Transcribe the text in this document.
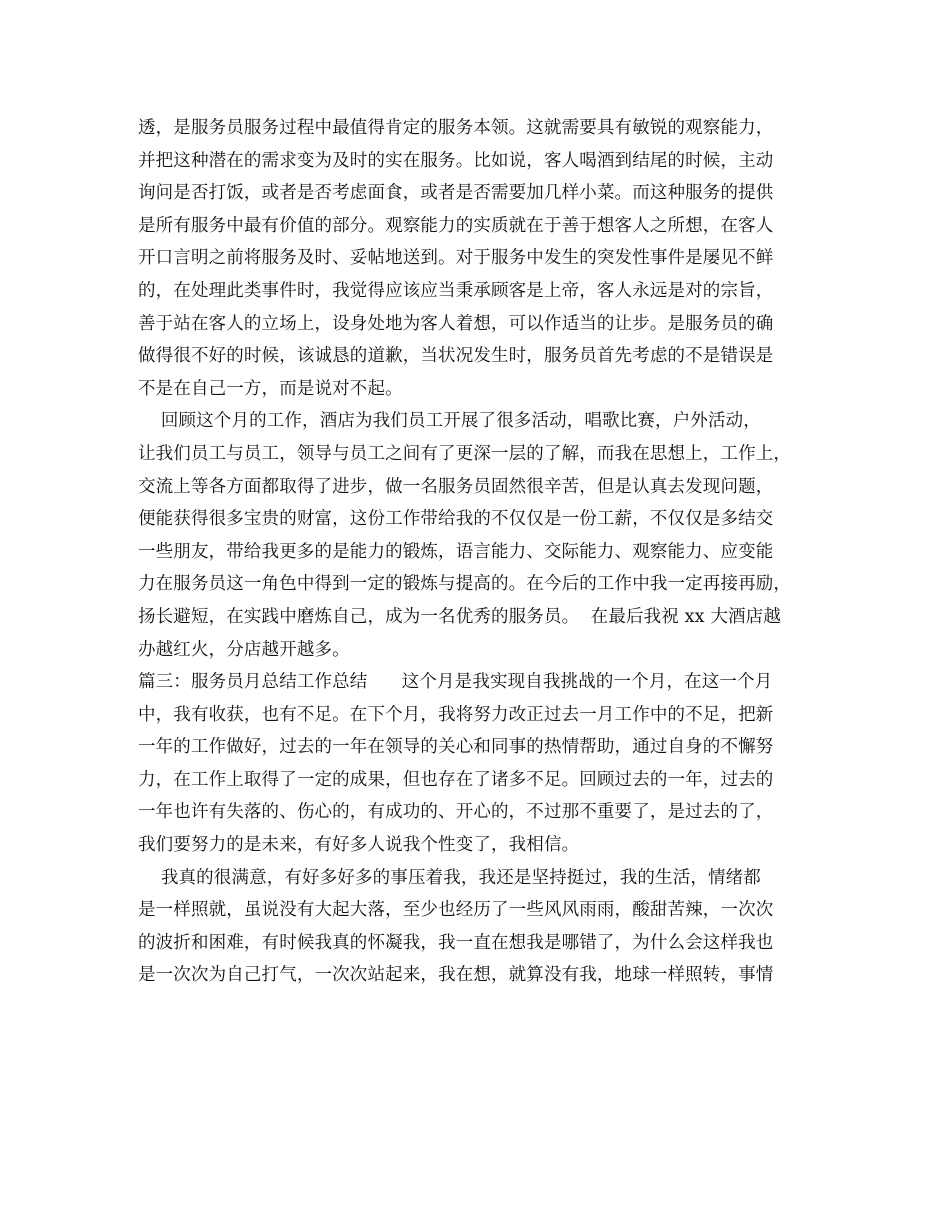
透，是服务员服务过程中最值得肯定的服务本领。这就需要具有敏锐的观察能力，
并把这种潜在的需求变为及时的实在服务。比如说，客人喝酒到结尾的时候，主动
询问是否打饭，或者是否考虑面食，或者是否需要加几样小菜。而这种服务的提供
是所有服务中最有价值的部分。观察能力的实质就在于善于想客人之所想，在客人
开口言明之前将服务及时、妥帖地送到。对于服务中发生的突发性事件是屡见不鲜
的，在处理此类事件时，我觉得应该应当秉承顾客是上帝，客人永远是对的宗旨，
善于站在客人的立场上，设身处地为客人着想，可以作适当的让步。是服务员的确
做得很不好的时候，该诚恳的道歉，当状况发生时，服务员首先考虑的不是错误是
不是在自己一方，而是说对不起。
回顾这个月的工作，酒店为我们员工开展了很多活动，唱歌比赛，户外活动，
让我们员工与员工，领导与员工之间有了更深一层的了解，而我在思想上，工作上，
交流上等各方面都取得了进步，做一名服务员固然很辛苦，但是认真去发现问题，
便能获得很多宝贵的财富，这份工作带给我的不仅仅是一份工薪，不仅仅是多结交
一些朋友，带给我更多的是能力的锻炼，语言能力、交际能力、观察能力、应变能
力在服务员这一角色中得到一定的锻炼与提高的。在今后的工作中我一定再接再励，
扬长避短，在实践中磨炼自己，成为一名优秀的服务员。  在最后我祝 xx 大酒店越
办越红火，分店越开越多。
篇三：服务员月总结工作总结      这个月是我实现自我挑战的一个月，在这一个月
中，我有收获，也有不足。在下个月，我将努力改正过去一月工作中的不足，把新
一年的工作做好，过去的一年在领导的关心和同事的热情帮助，通过自身的不懈努
力，在工作上取得了一定的成果，但也存在了诸多不足。回顾过去的一年，过去的
一年也许有失落的、伤心的，有成功的、开心的，不过那不重要了，是过去的了，
我们要努力的是未来，有好多人说我个性变了，我相信。
我真的很满意，有好多好多的事压着我，我还是坚持挺过，我的生活，情绪都
是一样照就，虽说没有大起大落，至少也经历了一些风风雨雨，酸甜苦辣，一次次
的波折和困难，有时候我真的怀凝我，我一直在想我是哪错了，为什么会这样我也
是一次次为自己打气，一次次站起来，我在想，就算没有我，地球一样照转，事情
